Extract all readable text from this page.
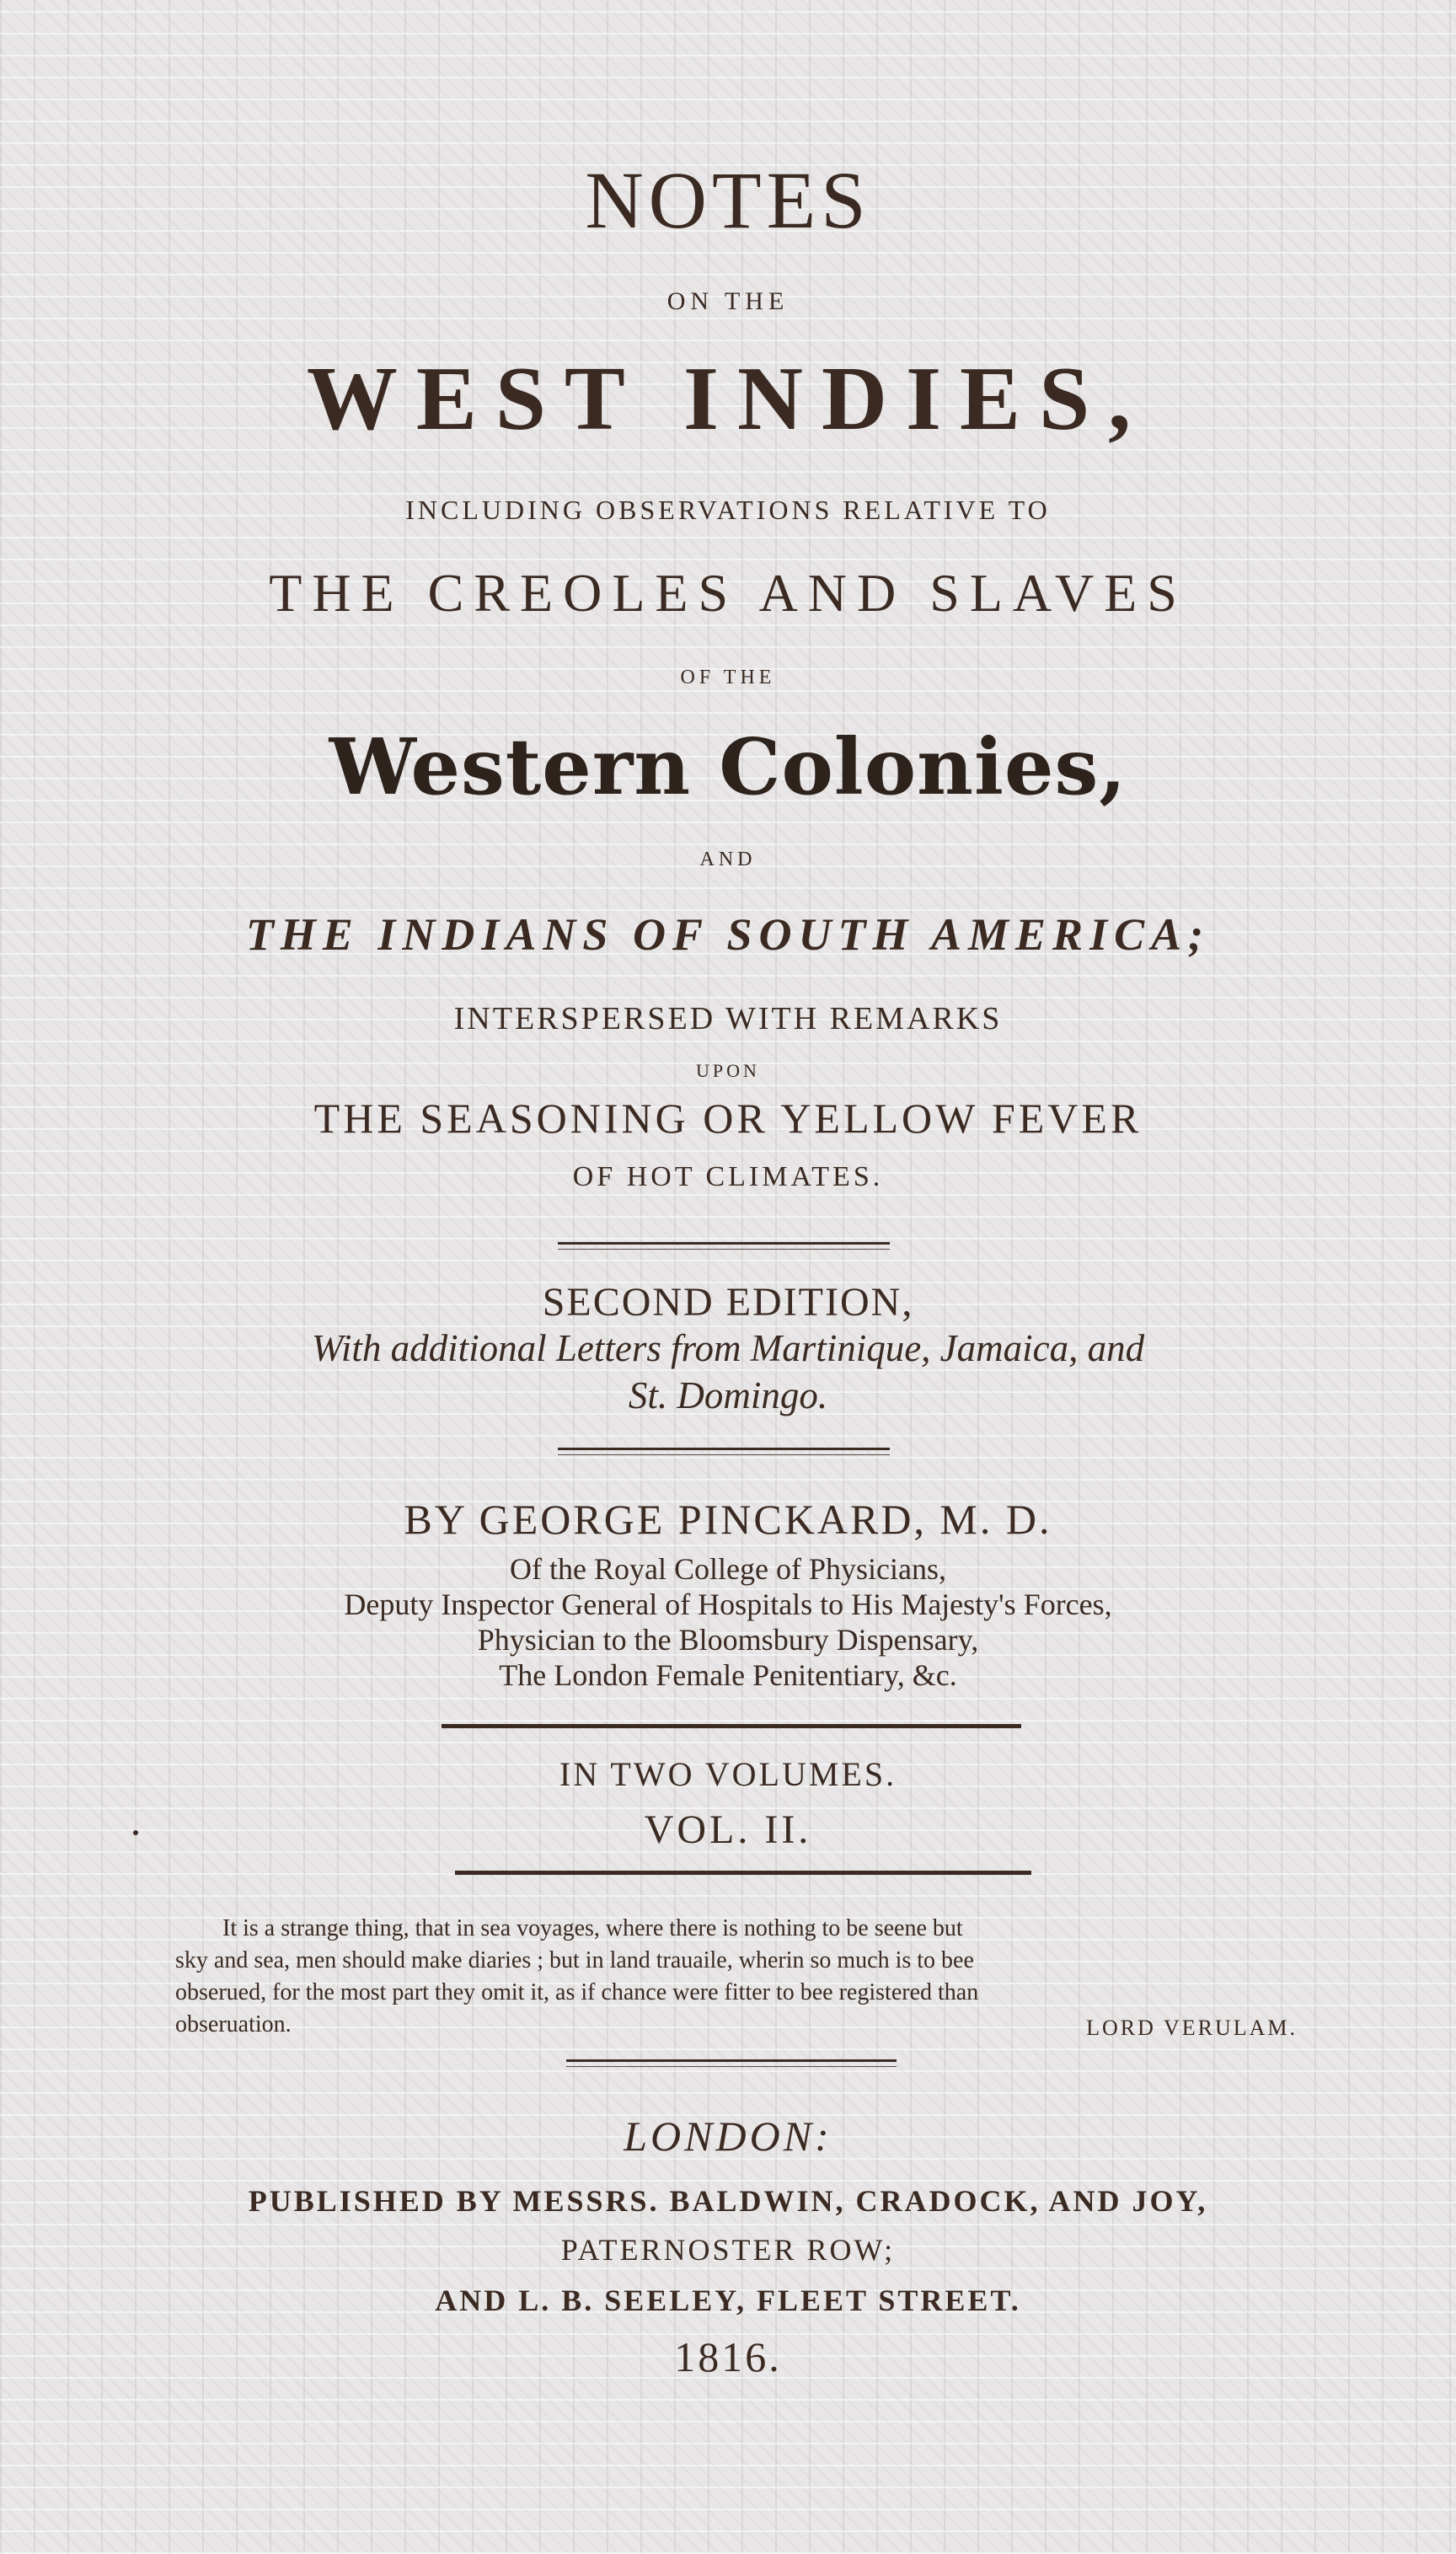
NOTES

ON THE

WEST INDIES,

INCLUDING OBSERVATIONS RELATIVE TO

THE CREOLES AND SLAVES

OF THE

Western Colonies,

AND

THE INDIANS OF SOUTH AMERICA;

INTERSPERSED WITH REMARKS

UPON

THE SEASONING OR YELLOW FEVER

OF HOT CLIMATES.

SECOND EDITION,

With additional Letters from Martinique, Jamaica, and

St. Domingo.

BY GEORGE PINCKARD, M. D.

Of the Royal College of Physicians,

Deputy Inspector General of Hospitals to His Majesty's Forces,

Physician to the Bloomsbury Dispensary,

The London Female Penitentiary, &c.

IN TWO VOLUMES.

VOL. II.

It is a strange thing, that in sea voyages, where there is nothing to be seene but
sky and sea, men should make diaries ; but in land trauaile, wherin so much is to bee
obserued, for the most part they omit it, as if chance were fitter to bee registered than
obseruation.	LORD VERULAM.

LONDON:

PUBLISHED BY MESSRS. BALDWIN, CRADOCK, AND JOY,

PATERNOSTER ROW;

AND L. B. SEELEY, FLEET STREET.

1816.
